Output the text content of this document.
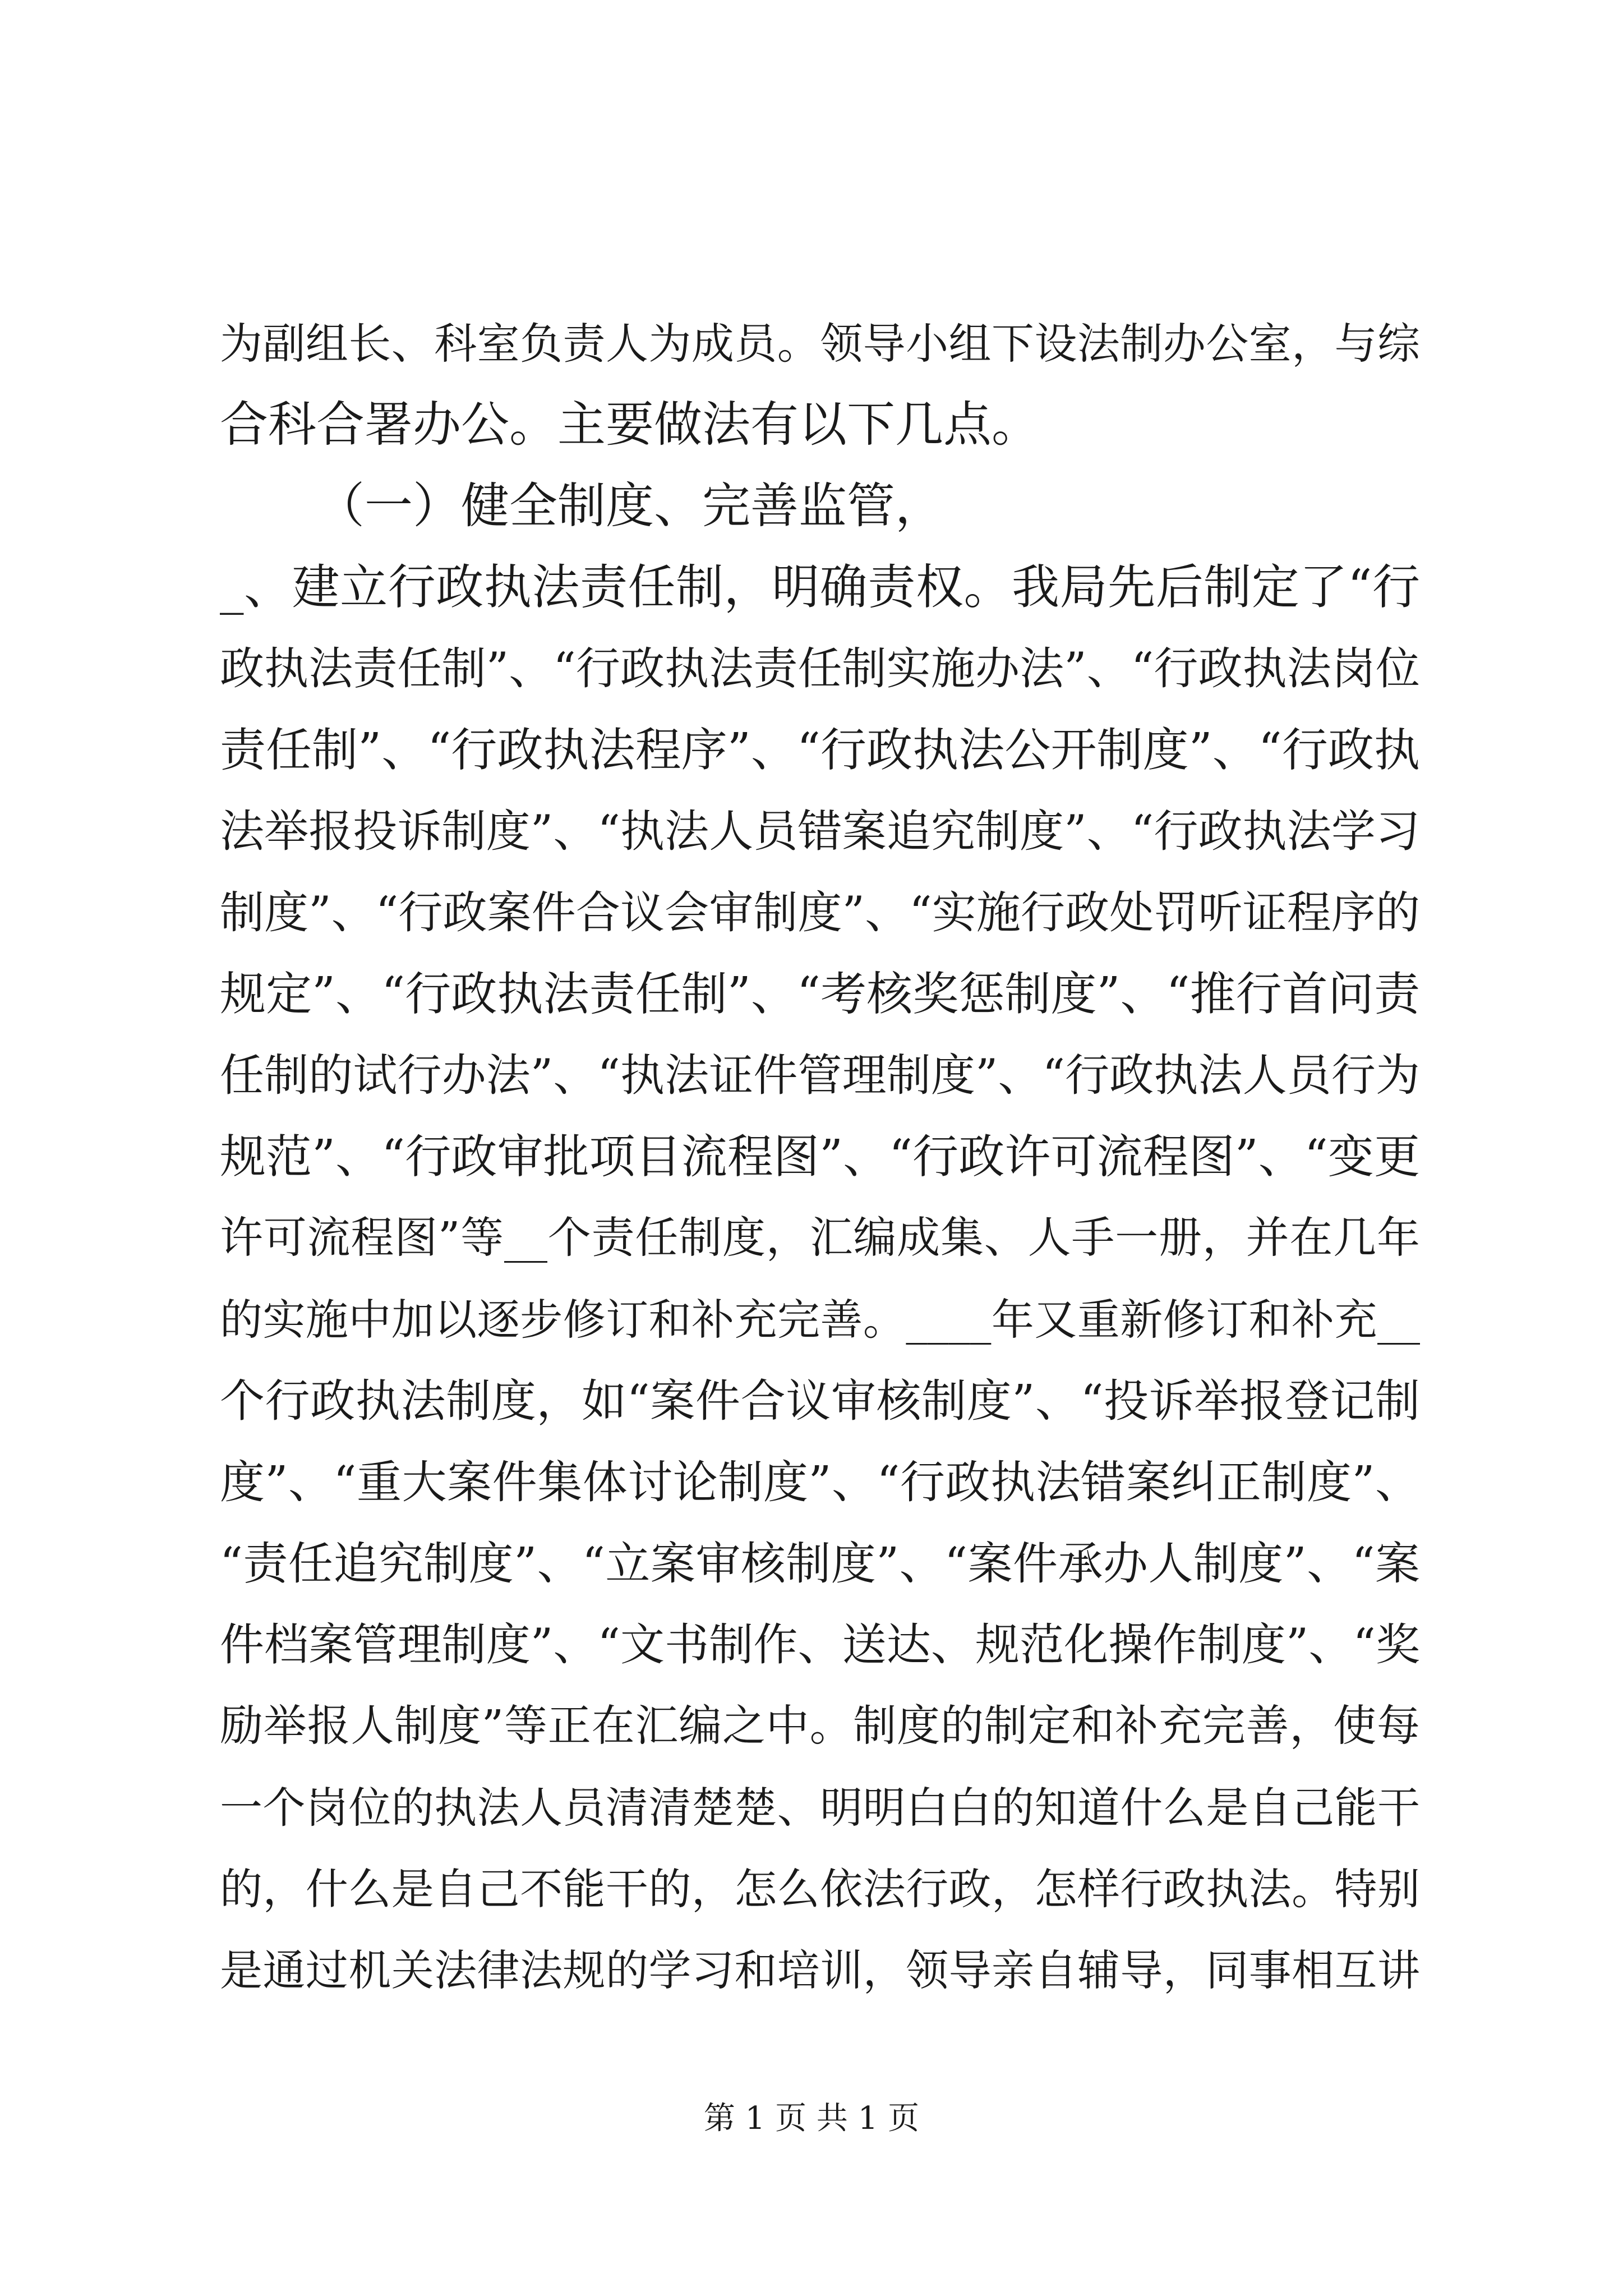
为副组长、科室负责人为成员。领导小组下设法制办公室，与综
合科合署办公。主要做法有以下几点。
（一）健全制度、完善监管，
_、建立行政执法责任制，明确责权。我局先后制定了“行
政执法责任制”、“行政执法责任制实施办法”、“行政执法岗位
责任制”、“行政执法程序”、“行政执法公开制度”、“行政执
法举报投诉制度”、“执法人员错案追究制度”、“行政执法学习
制度”、“行政案件合议会审制度”、“实施行政处罚听证程序的
规定”、“行政执法责任制”、“考核奖惩制度”、“推行首问责
任制的试行办法”、“执法证件管理制度”、“行政执法人员行为
规范”、“行政审批项目流程图”、“行政许可流程图”、“变更
许可流程图”等__个责任制度，汇编成集、人手一册，并在几年
的实施中加以逐步修订和补充完善。____年又重新修订和补充__
个行政执法制度，如“案件合议审核制度”、“投诉举报登记制
度”、“重大案件集体讨论制度”、“行政执法错案纠正制度”、
“责任追究制度”、“立案审核制度”、“案件承办人制度”、“案
件档案管理制度”、“文书制作、送达、规范化操作制度”、“奖
励举报人制度”等正在汇编之中。制度的制定和补充完善，使每
一个岗位的执法人员清清楚楚、明明白白的知道什么是自己能干
的，什么是自己不能干的，怎么依法行政，怎样行政执法。特别
是通过机关法律法规的学习和培训，领导亲自辅导，同事相互讲
第 1 页 共 1 页
